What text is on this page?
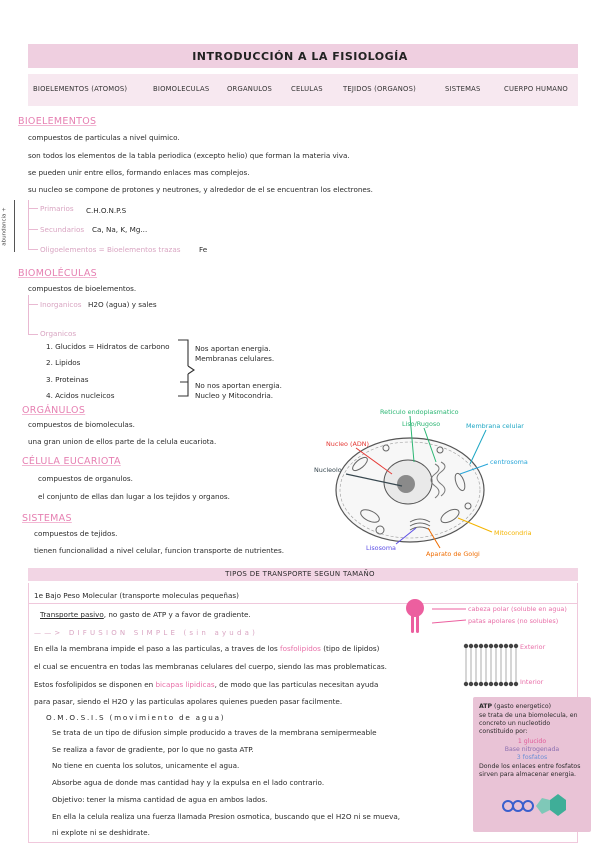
INTRODUCCIÓN A LA FISIOLOGÍA
BIOELEMENTOS (ATOMOS)	BIOMOLECULAS	ORGANULOS	CELULAS	TEJIDOS (ORGANOS)	SISTEMAS	CUERPO HUMANO
BIOELEMENTOS
compuestos de particulas a nivel quimico.
son todos los elementos de la tabla periodica (excepto helio) que forman la materia viva.
se pueden unir entre ellos, formando enlaces mas complejos.
su nucleo se compone de protones y neutrones, y alrededor de el se encuentran los electrones.
abundancia +	Primarios C.H.O.N.P.S
Secundarios Ca, Na, K, Mg...
Oligoelementos = Bioelementos trazas	Fe
BIOMOLÉCULAS
compuestos de bioelementos.
Inorganicos H2O (agua) y sales
Organicos
1. Glucidos = Hidratos de carbono
2. Lipidos
3. Proteinas
4. Acidos nucleicos
Nos aportan energia.
Membranas celulares.
No nos aportan energia.
Nucleo y Mitocondria.
ORGÁNULOS
compuestos de biomoleculas.
una gran union de ellos parte de la celula eucariota.
CÉLULA EUCARIOTA
compuestos de organulos.
el conjunto de ellas dan lugar a los tejidos y organos.
SISTEMAS
compuestos de tejidos.
tienen funcionalidad a nivel celular, funcion transporte de nutrientes.
Reticulo endoplasmatico
Liso/Rugoso	Membrana celular
Nucleo (ADN)
centrosoma
Nucleolo
Mitocondria
Lisosoma
Aparato de Golgi
TIPOS DE TRANSPORTE SEGUN TAMAÑO
1e Bajo Peso Molecular (transporte moleculas pequeñas)
Transporte pasivo, no gasto de ATP y a favor de gradiente.
——> DIFUSION SIMPLE (sin ayuda)
En ella la membrana impide el paso a las particulas, a traves de los fosfolipidos (tipo de lipidos)
el cual se encuentra en todas las membranas celulares del cuerpo, siendo las mas problematicas.
Estos fosfolipidos se disponen en bicapas lipidicas, de modo que las particulas necesitan ayuda
para pasar, siendo el H2O y las particulas apolares quienes pueden pasar facilmente.
O.M.O.S.I.S (movimiento de agua)
Se trata de un tipo de difusion simple producido a traves de la membrana semipermeable
Se realiza a favor de gradiente, por lo que no gasta ATP.
No tiene en cuenta los solutos, unicamente el agua.
Absorbe agua de donde mas cantidad hay y la expulsa en el lado contrario.
Objetivo: tener la misma cantidad de agua en ambos lados.
En ella la celula realiza una fuerza llamada Presion osmotica, buscando que el H2O ni se mueva,
ni explote ni se deshidrate.
cabeza polar (soluble en agua)
patas apolares (no solubles)
Exterior
Interior
ATP (gasto energetico)
se trata de una biomolecula, en
concreto un nucleotido
constituido por:
1 glucido
Base nitrogenada
3 fosfatos
Donde los enlaces entre fosfatos
sirven para almacenar energia.
